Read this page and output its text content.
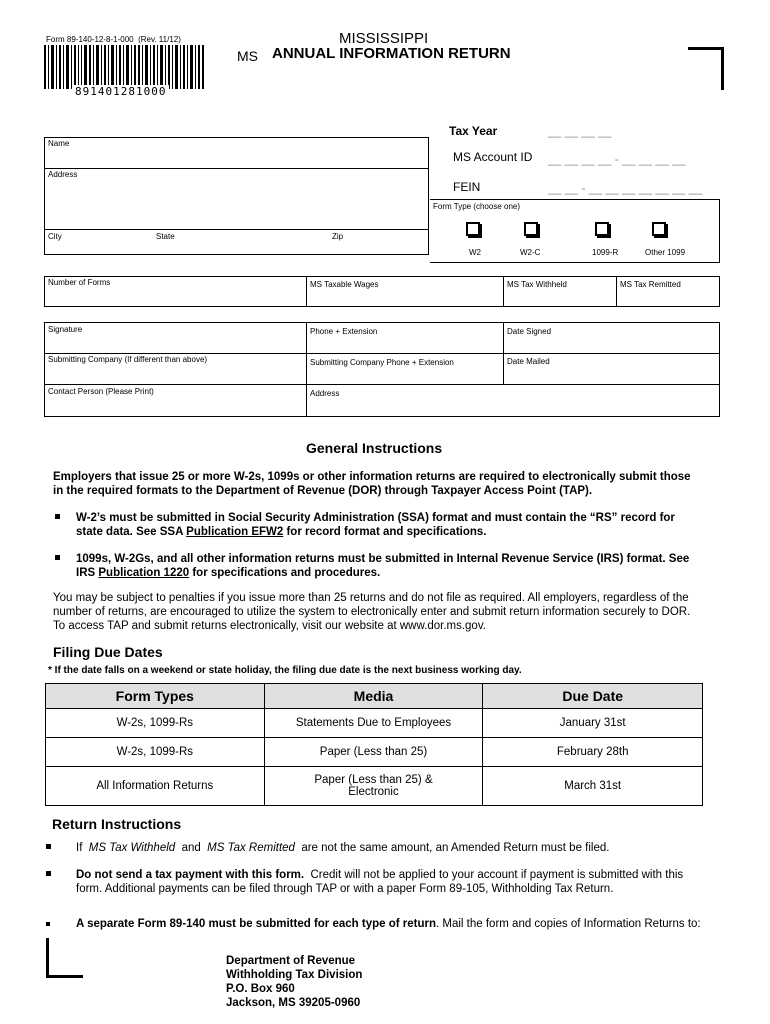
Form 89-140-12-8-1-000 (Rev. 11/12)
891401281000
MISSISSIPPI
MS ANNUAL INFORMATION RETURN
Name
Address
City	State	Zip
Tax Year	__ __ __ __
MS Account ID __ __ __ __ - __ __ __ __
FEIN	__ __ - __ __ __ __ __ __ __
Form Type (choose one)
W2	W2-C	1099-R	Other 1099
Number of Forms	MS Taxable Wages	MS Tax Withheld	MS Tax Remitted
Signature	Phone + Extension	Date Signed
Submitting Company (If different than above)	Submitting Company Phone + Extension	Date Mailed
Contact Person (Please Print)	Address
General Instructions
Employers that issue 25 or more W-2s, 1099s or other information returns are required to electronically submit those in the required formats to the Department of Revenue (DOR) through Taxpayer Access Point (TAP).
W-2’s must be submitted in Social Security Administration (SSA) format and must contain the “RS” record for state data. See SSA Publication EFW2 for record format and specifications.
1099s, W-2Gs, and all other information returns must be submitted in Internal Revenue Service (IRS) format. See IRS Publication 1220 for specifications and procedures.
You may be subject to penalties if you issue more than 25 returns and do not file as required. All employers, regardless of the number of returns, are encouraged to utilize the system to electronically enter and submit return information securely to DOR. To access TAP and submit returns electronically, visit our website at www.dor.ms.gov.
Filing Due Dates
* If the date falls on a weekend or state holiday, the filing due date is the next business working day.
Form Types	Media	Due Date
W-2s, 1099-Rs	Statements Due to Employees	January 31st
W-2s, 1099-Rs	Paper (Less than 25)	February 28th
All Information Returns	Paper (Less than 25) & Electronic	March 31st
Return Instructions
If MS Tax Withheld and MS Tax Remitted are not the same amount, an Amended Return must be filed.
Do not send a tax payment with this form. Credit will not be applied to your account if payment is submitted with this form. Additional payments can be filed through TAP or with a paper Form 89-105, Withholding Tax Return.
A separate Form 89-140 must be submitted for each type of return. Mail the form and copies of Information Returns to:
Department of Revenue
Withholding Tax Division
P.O. Box 960
Jackson, MS 39205-0960
